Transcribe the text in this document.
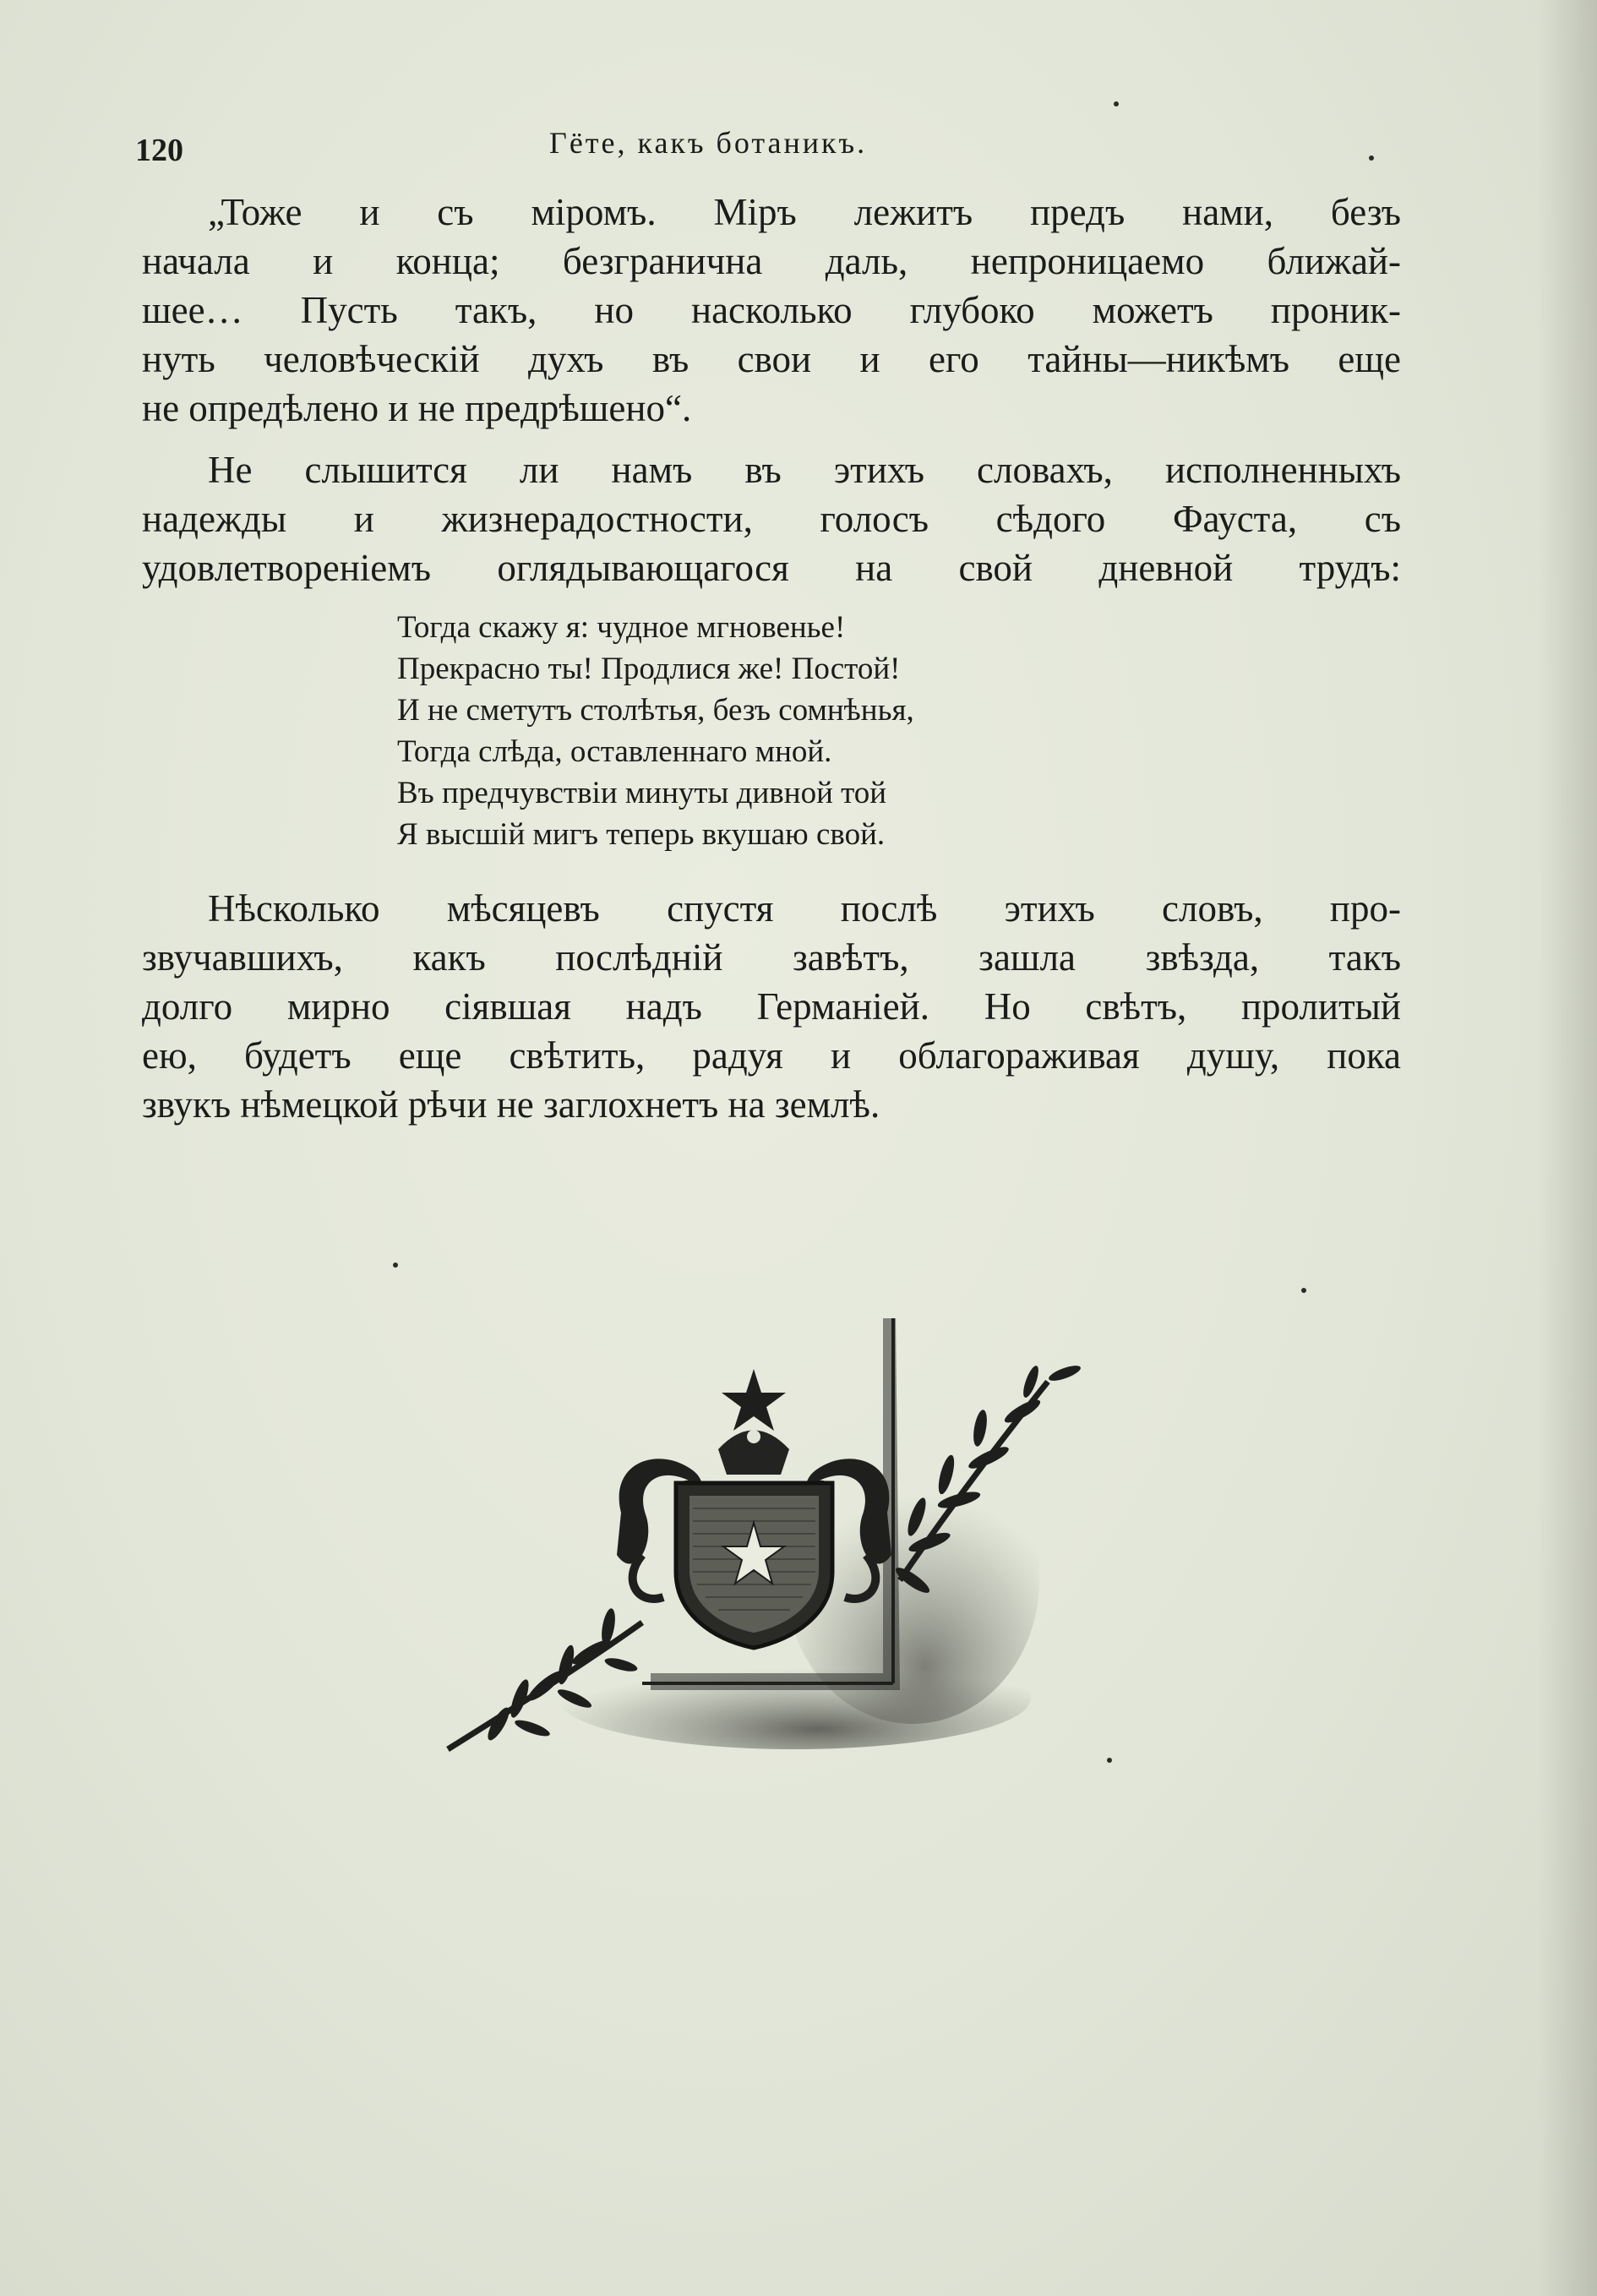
120	Гёте, какъ ботаникъ.
„Тоже и съ міромъ. Міръ лежитъ предъ нами, безъ
начала и конца; безгранична даль, непроницаемо ближай-
шее… Пусть такъ, но насколько глубоко можетъ проник-
нуть человѣческій духъ въ свои и его тайны—никѣмъ еще
не опредѣлено и не предрѣшено“.
Не слышится ли намъ въ этихъ словахъ, исполненныхъ
надежды и жизнерадостности, голосъ сѣдого Фауста, съ
удовлетвореніемъ оглядывающагося на свой дневной трудъ:
Тогда скажу я: чудное мгновенье!
Прекрасно ты! Продлися же! Постой!
И не сметутъ столѣтья, безъ сомнѣнья,
Тогда слѣда, оставленнаго мной.
Въ предчувствіи минуты дивной той
Я высшій мигъ теперь вкушаю свой.
Нѣсколько мѣсяцевъ спустя послѣ этихъ словъ, про-
звучавшихъ, какъ послѣдній завѣтъ, зашла звѣзда, такъ
долго мирно сіявшая надъ Германіей. Но свѣтъ, пролитый
ею, будетъ еще свѣтить, радуя и облагораживая душу, пока
звукъ нѣмецкой рѣчи не заглохнетъ на землѣ.
